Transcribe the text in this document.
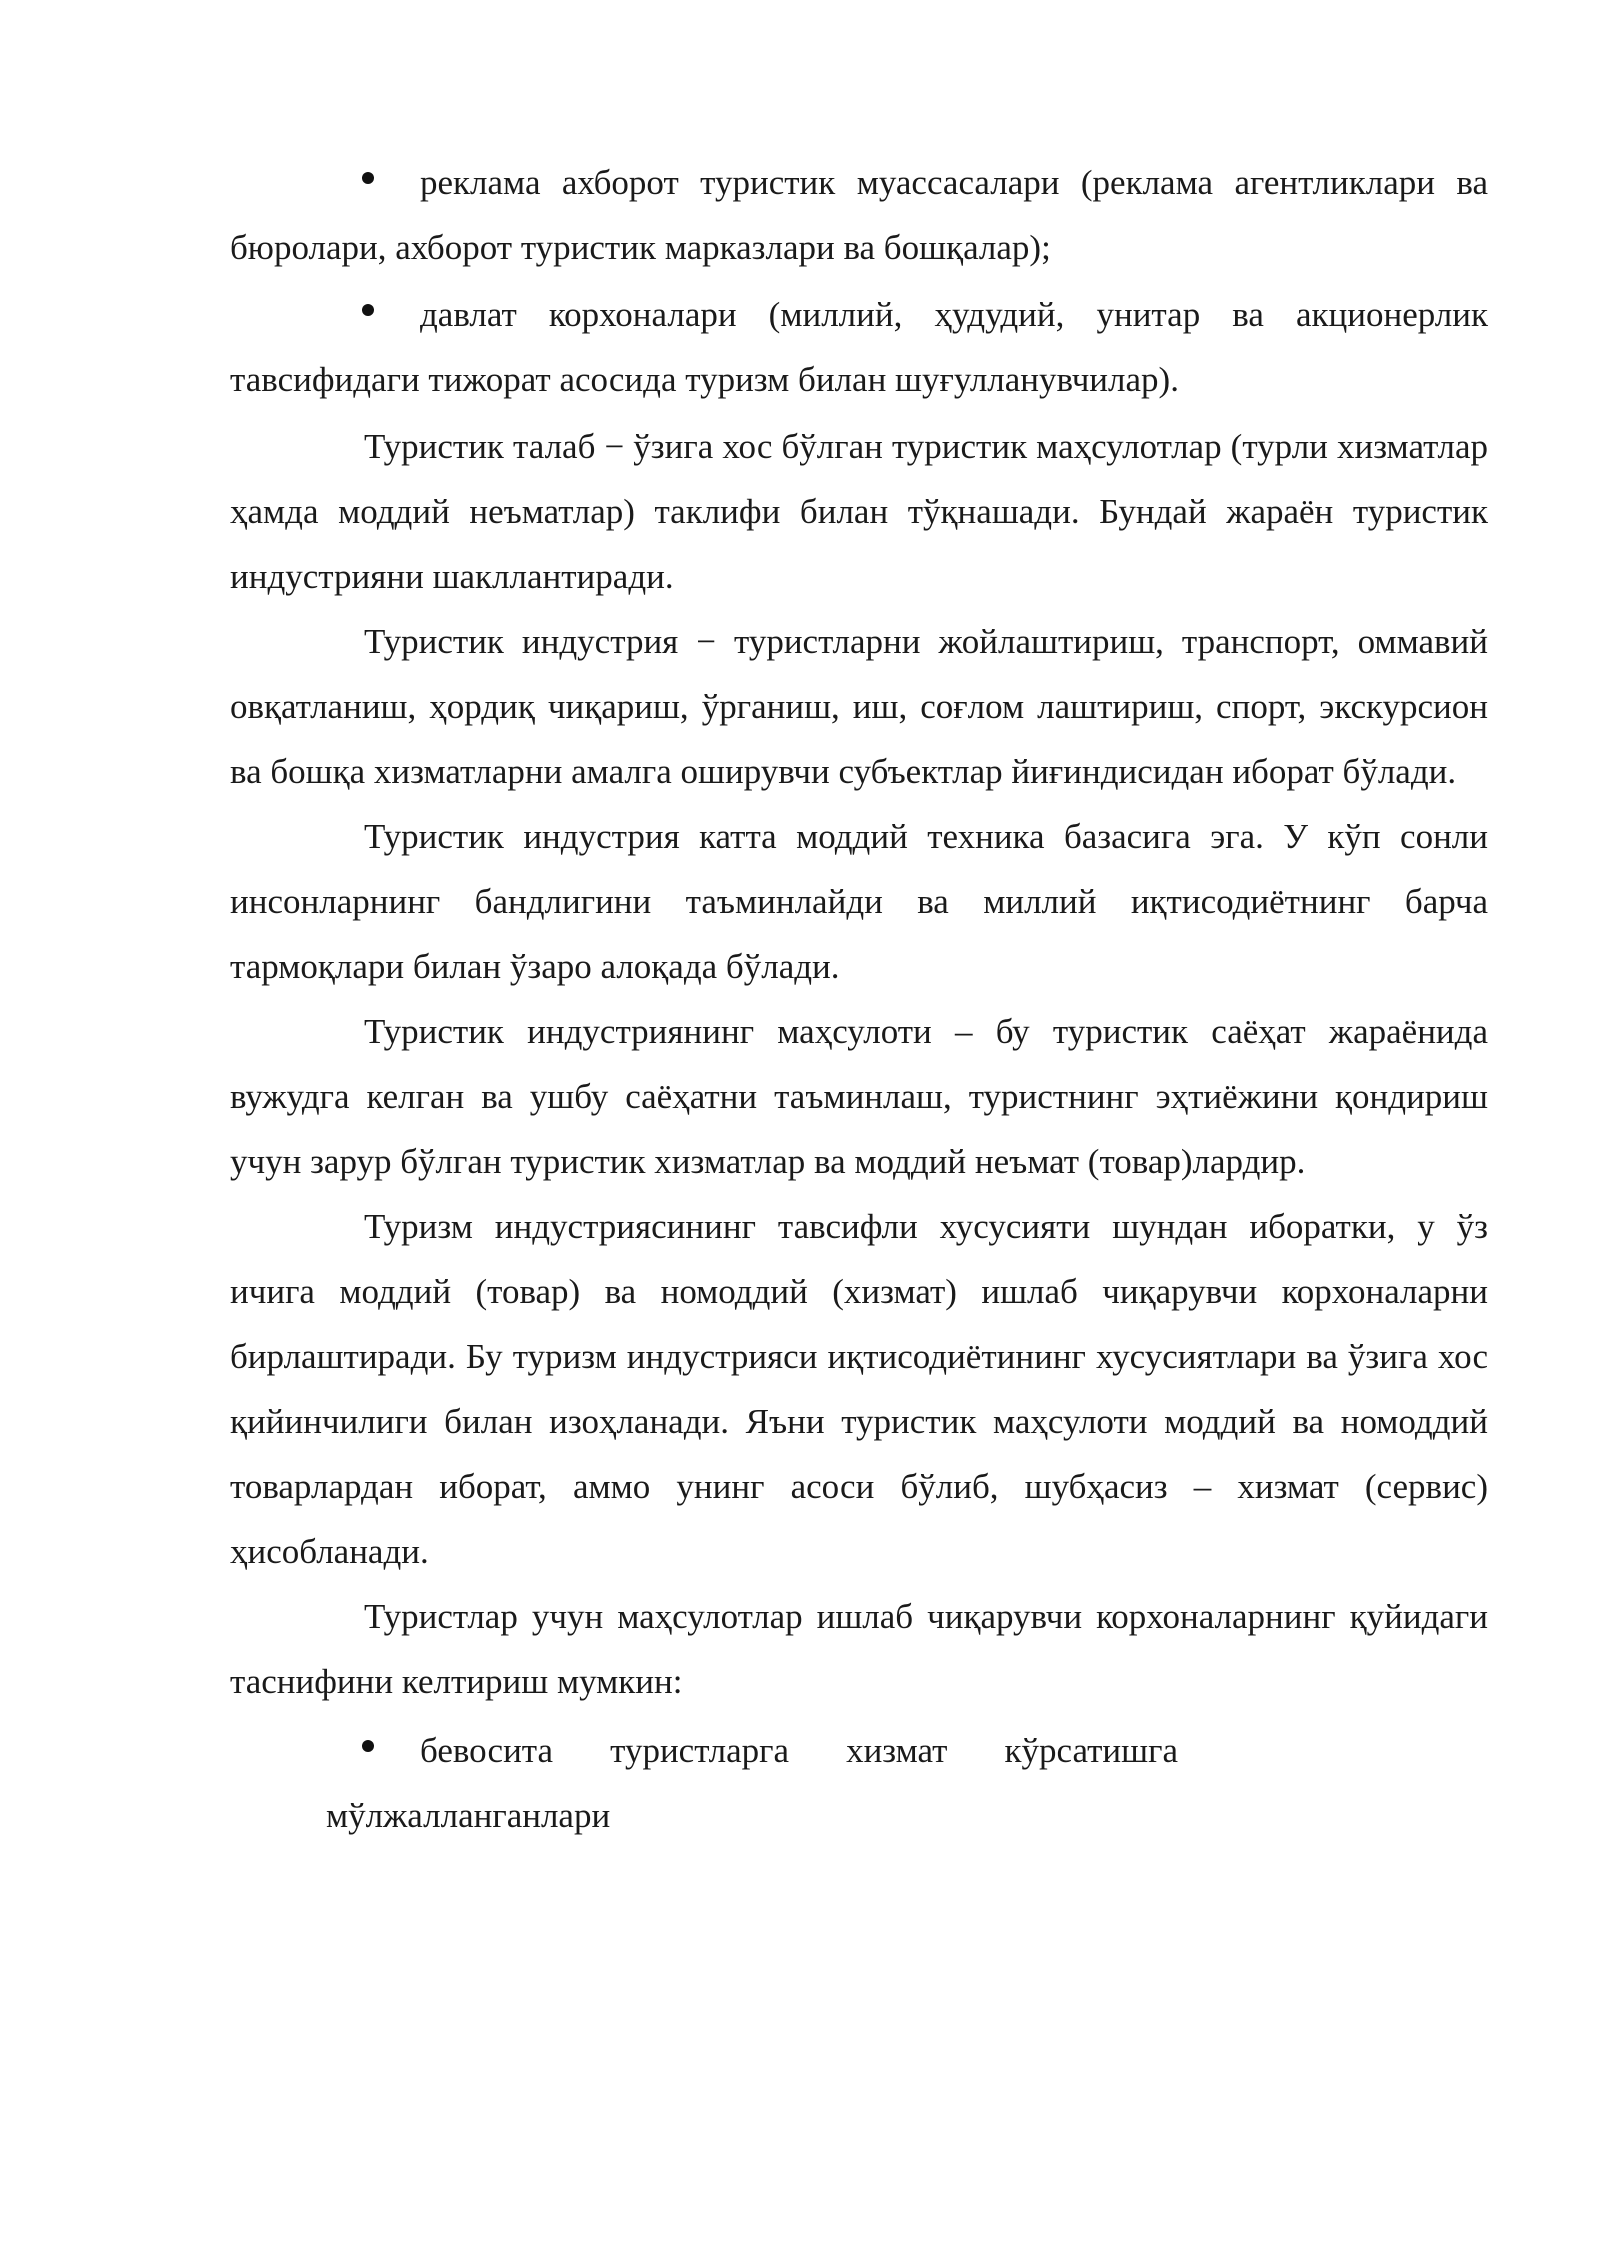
реклама ахборот туристик муассасалари (реклама агентликлари ва бюролари, ахборот туристик марказлари ва бошқалар);

давлат корхоналари (миллий, ҳудудий, унитар ва акционерлик тавсифидаги тижорат асосида туризм билан шуғулланувчилар).

Туристик талаб − ўзига хос бўлган туристик маҳсулотлар (турли хизматлар ҳамда моддий неъматлар) таклифи билан тўқнашади. Бундай жараён туристик индустрияни шакллантиради.

Туристик индустрия − туристларни жойлаштириш, транспорт, оммавий овқатланиш, ҳордиқ чиқариш, ўрганиш, иш, соғлом лаштириш, спорт, экскурсион ва бошқа хизматларни амалга оширувчи субъектлар йиғиндисидан иборат бўлади.

Туристик индустрия катта моддий техника базасига эга. У кўп сонли инсонларнинг бандлигини таъминлайди ва миллий иқтисодиётнинг барча тармоқлари билан ўзаро алоқада бўлади.

Туристик индустриянинг маҳсулоти – бу туристик саёҳат жараёнида вужудга келган ва ушбу саёҳатни таъминлаш, туристнинг эҳтиёжини қондириш учун зарур бўлган туристик хизматлар ва моддий неъмат (товар)лардир.

Туризм индустриясининг тавсифли хусусияти шундан иборатки, у ўз ичига моддий (товар) ва номоддий (хизмат) ишлаб чиқарувчи корхоналарни бирлаштиради. Бу туризм индустрияси иқтисодиётининг хусусиятлари ва ўзига хос қийинчилиги билан изоҳланади. Яъни туристик маҳсулоти моддий ва номоддий товарлардан иборат, аммо унинг асоси бўлиб, шубҳасиз – хизмат (сервис) ҳисобланади.

Туристлар учун маҳсулотлар ишлаб чиқарувчи корхоналарнинг қуйидаги таснифини келтириш мумкин:

бевосита туристларга хизмат кўрсатишга
мўлжалланганлари
